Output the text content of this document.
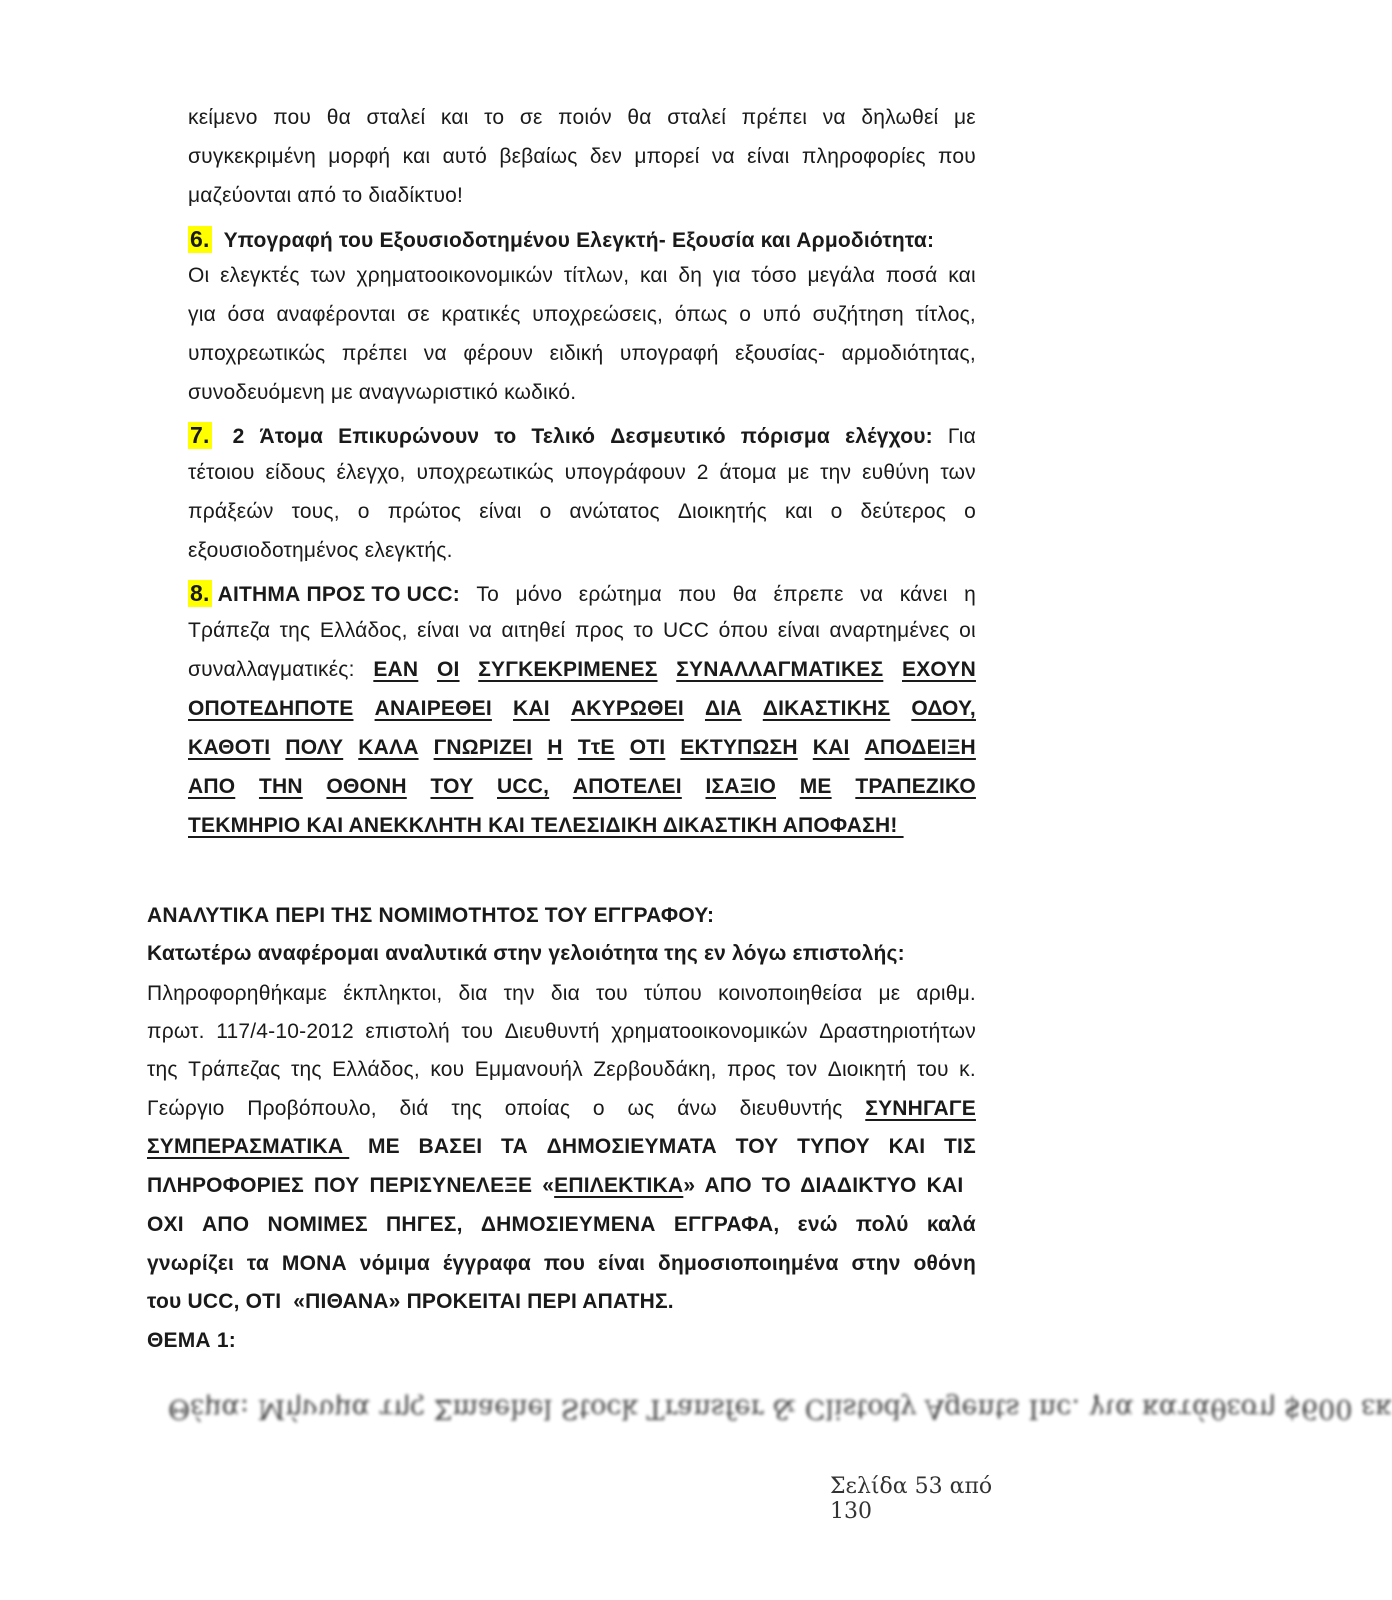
κείμενο που θα σταλεί και το σε ποιόν θα σταλεί πρέπει να δηλωθεί με
συγκεκριμένη μορφή και αυτό βεβαίως δεν μπορεί να είναι πληροφορίες που
μαζεύονται από το διαδίκτυο!
6. Υπογραφή του Εξουσιοδοτημένου Ελεγκτή- Εξουσία και Αρμοδιότητα:
Οι ελεγκτές των χρηματοοικονομικών τίτλων, και δη για τόσο μεγάλα ποσά και
για όσα αναφέρονται σε κρατικές υποχρεώσεις, όπως ο υπό συζήτηση τίτλος,
υποχρεωτικώς πρέπει να φέρουν ειδική υπογραφή εξουσίας- αρμοδιότητας,
συνοδευόμενη με αναγνωριστικό κωδικό.
7. 2 Άτομα Επικυρώνουν το Τελικό Δεσμευτικό πόρισμα ελέγχου: Για
τέτοιου είδους έλεγχο, υποχρεωτικώς υπογράφουν 2 άτομα με την ευθύνη των
πράξεών τους, ο πρώτος είναι ο ανώτατος Διοικητής και ο δεύτερος ο
εξουσιοδοτημένος ελεγκτής.
8. ΑΙΤΗΜΑ ΠΡΟΣ ΤΟ UCC: Το μόνο ερώτημα που θα έπρεπε να κάνει η
Τράπεζα της Ελλάδος, είναι να αιτηθεί προς το UCC όπου είναι αναρτημένες οι
συναλλαγματικές: ΕΑΝ ΟΙ ΣΥΓΚΕΚΡΙΜΕΝΕΣ ΣΥΝΑΛΛΑΓΜΑΤΙΚΕΣ ΕΧΟΥΝ
ΟΠΟΤΕΔΗΠΟΤΕ ΑΝΑΙΡΕΘΕΙ ΚΑΙ ΑΚΥΡΩΘΕΙ ΔΙΑ ΔΙΚΑΣΤΙΚΗΣ ΟΔΟΥ,
ΚΑΘΟΤΙ ΠΟΛΥ ΚΑΛΑ ΓΝΩΡΙΖΕΙ Η ΤτΕ ΟΤΙ ΕΚΤΥΠΩΣΗ ΚΑΙ ΑΠΟΔΕΙΞΗ
ΑΠΟ ΤΗΝ ΟΘΟΝΗ ΤΟΥ UCC, ΑΠΟΤΕΛΕΙ ΙΣΑΞΙΟ ΜΕ ΤΡΑΠΕΖΙΚΟ
ΤΕΚΜΗΡΙΟ ΚΑΙ ΑΝΕΚΚΛΗΤΗ ΚΑΙ ΤΕΛΕΣΙΔΙΚΗ ΔΙΚΑΣΤΙΚΗ ΑΠΟΦΑΣΗ!
ΑΝΑΛΥΤΙΚΑ ΠΕΡΙ ΤΗΣ ΝΟΜΙΜΟΤΗΤΟΣ ΤΟΥ ΕΓΓΡΑΦΟΥ:
Κατωτέρω αναφέρομαι αναλυτικά στην γελοιότητα της εν λόγω επιστολής:
Πληροφορηθήκαμε έκπληκτοι, δια την δια του τύπου κοινοποιηθείσα με αριθμ.
πρωτ. 117/4-10-2012 επιστολή του Διευθυντή χρηματοοικονομικών Δραστηριοτήτων
της Τράπεζας της Ελλάδος, κου Εμμανουήλ Ζερβουδάκη, προς τον Διοικητή του κ.
Γεώργιο Προβόπουλο, διά της οποίας ο ως άνω διευθυντής ΣΥΝΗΓΑΓΕ
ΣΥΜΠΕΡΑΣΜΑΤΙΚΑ ΜΕ ΒΑΣΕΙ ΤΑ ΔΗΜΟΣΙΕΥΜΑΤΑ ΤΟΥ ΤΥΠΟΥ ΚΑΙ ΤΙΣ
ΠΛΗΡΟΦΟΡΙΕΣ ΠΟΥ ΠΕΡΙΣΥΝΕΛΕΞΕ « ΕΠΙΛΕΚΤΙΚΑ » ΑΠΟ ΤΟ ΔΙΑΔΙΚΤΥΟ ΚΑΙ
ΟΧΙ ΑΠΟ ΝΟΜΙΜΕΣ ΠΗΓΕΣ, ΔΗΜΟΣΙΕΥΜΕΝΑ ΕΓΓΡΑΦΑ, ενώ πολύ καλά
γνωρίζει τα ΜΟΝΑ νόμιμα έγγραφα που είναι δημοσιοποιημένα στην οθόνη
του UCC, ΟΤΙ  «ΠΙΘΑΝΑ» ΠΡΟΚΕΙΤΑΙ ΠΕΡΙ ΑΠΑΤΗΣ.
ΘΕΜΑ 1:
Θέμα: Μήνυμα της Σmaehel Stock Transfer & Clistody Agents Inc. για κατάθεση $600 εκ
Σελίδα 53 από 130
